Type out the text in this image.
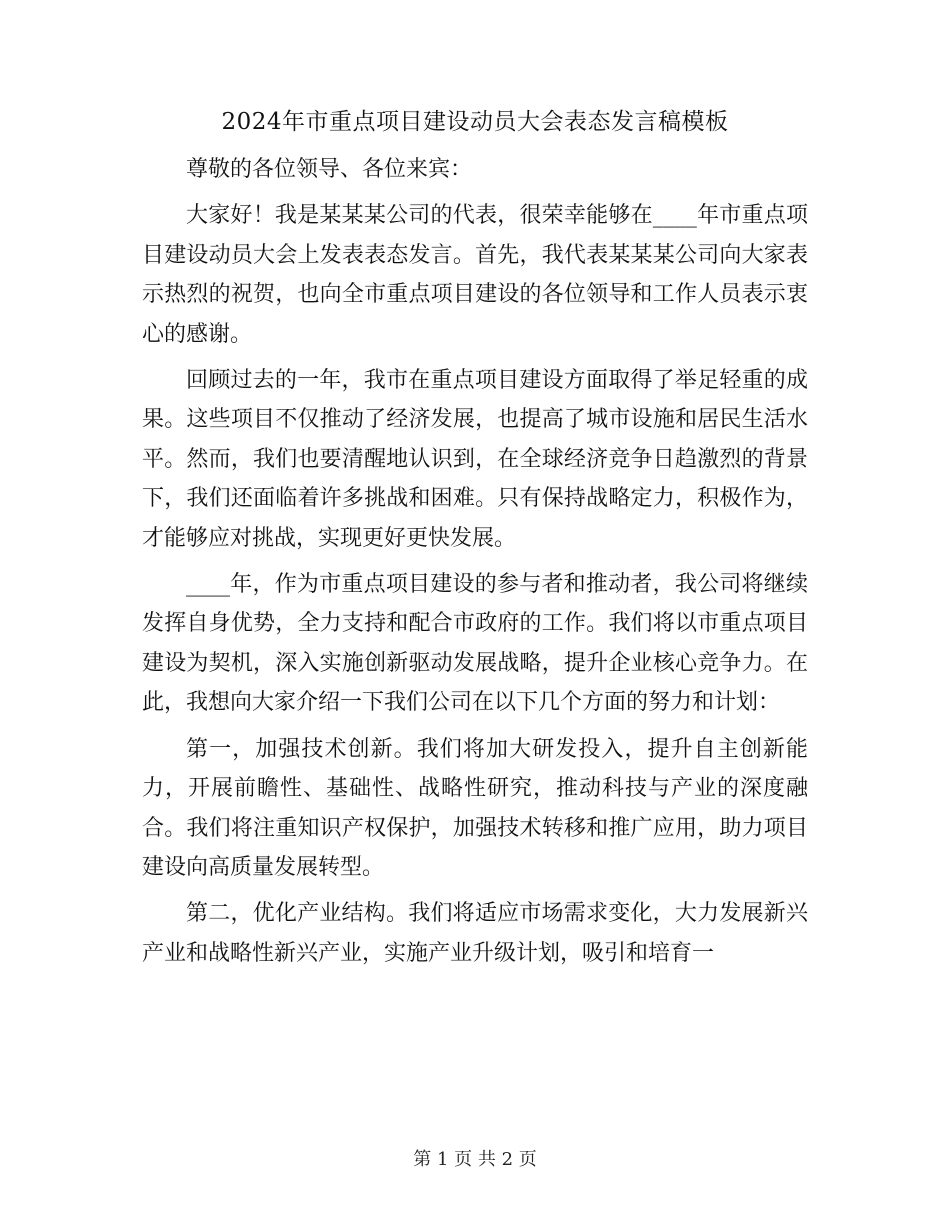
2024年市重点项目建设动员大会表态发言稿模板

尊敬的各位领导、各位来宾：

大家好！我是某某某公司的代表，很荣幸能够在____年市重点项目建设动员大会上发表表态发言。首先，我代表某某某公司向大家表示热烈的祝贺，也向全市重点项目建设的各位领导和工作人员表示衷心的感谢。

回顾过去的一年，我市在重点项目建设方面取得了举足轻重的成果。这些项目不仅推动了经济发展，也提高了城市设施和居民生活水平。然而，我们也要清醒地认识到，在全球经济竞争日趋激烈的背景下，我们还面临着许多挑战和困难。只有保持战略定力，积极作为，才能够应对挑战，实现更好更快发展。

____年，作为市重点项目建设的参与者和推动者，我公司将继续发挥自身优势，全力支持和配合市政府的工作。我们将以市重点项目建设为契机，深入实施创新驱动发展战略，提升企业核心竞争力。在此，我想向大家介绍一下我们公司在以下几个方面的努力和计划：

第一，加强技术创新。我们将加大研发投入，提升自主创新能力，开展前瞻性、基础性、战略性研究，推动科技与产业的深度融合。我们将注重知识产权保护，加强技术转移和推广应用，助力项目建设向高质量发展转型。

第二，优化产业结构。我们将适应市场需求变化，大力发展新兴产业和战略性新兴产业，实施产业升级计划，吸引和培育一

第 1 页 共 2 页
